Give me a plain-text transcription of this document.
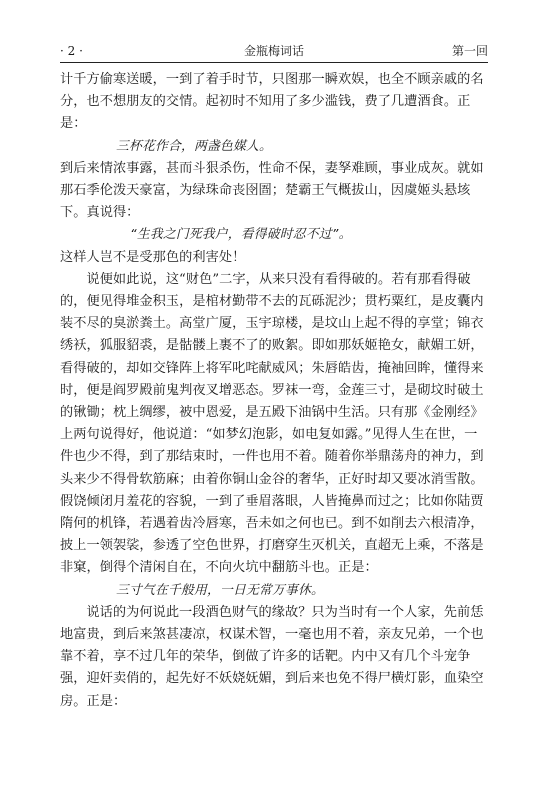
· 2 ·	金瓶梅词话	第一回

计千方偷寒送暖，一到了着手时节，只图那一瞬欢娱，也全不顾亲戚的名分，也不想朋友的交情。起初时不知用了多少滥钱，费了几遭酒食。正是：

三杯花作合，两盏色媒人。

到后来情浓事露，甚而斗狠杀伤，性命不保，妻孥难顾，事业成灰。就如那石季伦泼天豪富，为绿珠命丧囹圄；楚霸王气概拔山，因虞姬头悬垓下。真说得：

“生我之门死我户，看得破时忍不过”。

这样人岂不是受那色的利害处！

说便如此说，这“财色”二字，从来只没有看得破的。若有那看得破的，便见得堆金积玉，是棺材勤带不去的瓦砾泥沙；贯朽粟红，是皮囊内装不尽的臭淤粪土。高堂广厦，玉宇琼楼，是坟山上起不得的享堂；锦衣绣袄，狐服貂裘，是骷髅上裹不了的败絮。即如那妖姬艳女，献媚工妍，看得破的，却如交锋阵上将军叱咤献威风；朱唇皓齿，掩袖回眸，懂得来时，便是阎罗殿前鬼判夜叉增恶态。罗袜一弯，金莲三寸，是砌坟时破土的锹锄；枕上绸缪，被中恩爱，是五殿下油锅中生活。只有那《金刚经》上两句说得好，他说道：“如梦幻泡影，如电复如露。”见得人生在世，一件也少不得，到了那结束时，一件也用不着。随着你举鼎荡舟的神力，到头来少不得骨软筋麻；由着你铜山金谷的奢华，正好时却又要冰消雪散。假饶倾闭月羞花的容貌，一到了垂眉落眼，人皆掩鼻而过之；比如你陆贾隋何的机锋，若遇着齿冷唇寒，吾未如之何也已。到不如削去六根清净，披上一领袈裟，参透了空色世界，打磨穿生灭机关，直超无上乘，不落是非窠，倒得个清闲自在，不向火坑中翻筋斗也。正是：

三寸气在千般用，一日无常万事休。

说话的为何说此一段酒色财气的缘故？只为当时有一个人家，先前恁地富贵，到后来煞甚凄凉，权谋术智，一毫也用不着，亲友兄弟，一个也靠不着，享不过几年的荣华，倒做了许多的话靶。内中又有几个斗宠争强，迎奸卖俏的，起先好不妖娆妩媚，到后来也免不得尸横灯影，血染空房。正是：
